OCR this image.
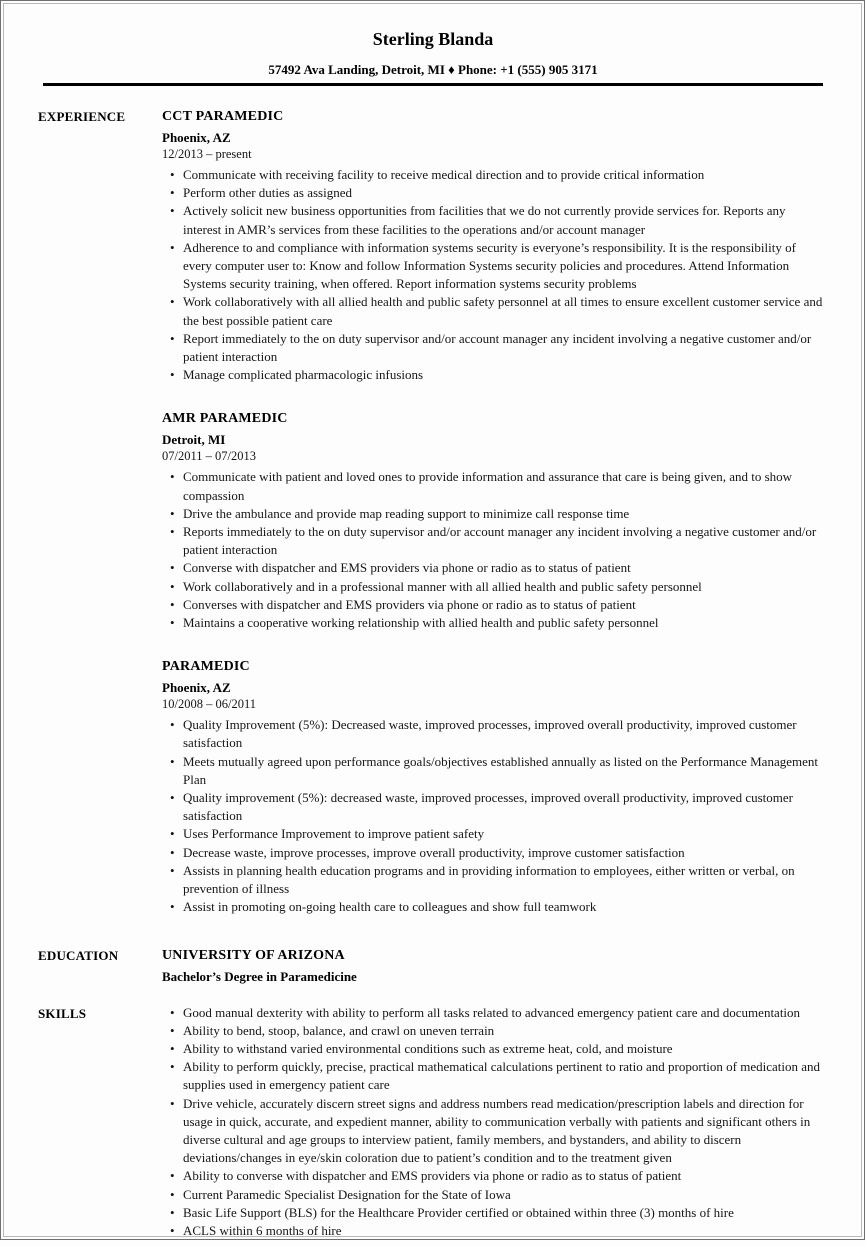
Sterling Blanda
57492 Ava Landing, Detroit, MI ♦ Phone: +1 (555) 905 3171
EXPERIENCE	CCT PARAMEDIC
Phoenix, AZ
12/2013 – present
• Communicate with receiving facility to receive medical direction and to provide critical information
• Perform other duties as assigned
• Actively solicit new business opportunities from facilities that we do not currently provide services for. Reports any interest in AMR’s services from these facilities to the operations and/or account manager
• Adherence to and compliance with information systems security is everyone’s responsibility. It is the responsibility of every computer user to: Know and follow Information Systems security policies and procedures. Attend Information Systems security training, when offered. Report information systems security problems
• Work collaboratively with all allied health and public safety personnel at all times to ensure excellent customer service and the best possible patient care
• Report immediately to the on duty supervisor and/or account manager any incident involving a negative customer and/or patient interaction
• Manage complicated pharmacologic infusions
AMR PARAMEDIC
Detroit, MI
07/2011 – 07/2013
• Communicate with patient and loved ones to provide information and assurance that care is being given, and to show compassion
• Drive the ambulance and provide map reading support to minimize call response time
• Reports immediately to the on duty supervisor and/or account manager any incident involving a negative customer and/or patient interaction
• Converse with dispatcher and EMS providers via phone or radio as to status of patient
• Work collaboratively and in a professional manner with all allied health and public safety personnel
• Converses with dispatcher and EMS providers via phone or radio as to status of patient
• Maintains a cooperative working relationship with allied health and public safety personnel
PARAMEDIC
Phoenix, AZ
10/2008 – 06/2011
• Quality Improvement (5%): Decreased waste, improved processes, improved overall productivity, improved customer satisfaction
• Meets mutually agreed upon performance goals/objectives established annually as listed on the Performance Management Plan
• Quality improvement (5%): decreased waste, improved processes, improved overall productivity, improved customer satisfaction
• Uses Performance Improvement to improve patient safety
• Decrease waste, improve processes, improve overall productivity, improve customer satisfaction
• Assists in planning health education programs and in providing information to employees, either written or verbal, on prevention of illness
• Assist in promoting on-going health care to colleagues and show full teamwork
EDUCATION	UNIVERSITY OF ARIZONA
Bachelor’s Degree in Paramedicine
SKILLS	• Good manual dexterity with ability to perform all tasks related to advanced emergency patient care and documentation
• Ability to bend, stoop, balance, and crawl on uneven terrain
• Ability to withstand varied environmental conditions such as extreme heat, cold, and moisture
• Ability to perform quickly, precise, practical mathematical calculations pertinent to ratio and proportion of medication and supplies used in emergency patient care
• Drive vehicle, accurately discern street signs and address numbers read medication/prescription labels and direction for usage in quick, accurate, and expedient manner, ability to communication verbally with patients and significant others in diverse cultural and age groups to interview patient, family members, and bystanders, and ability to discern deviations/changes in eye/skin coloration due to patient’s condition and to the treatment given
• Ability to converse with dispatcher and EMS providers via phone or radio as to status of patient
• Current Paramedic Specialist Designation for the State of Iowa
• Basic Life Support (BLS) for the Healthcare Provider certified or obtained within three (3) months of hire
• ACLS within 6 months of hire
